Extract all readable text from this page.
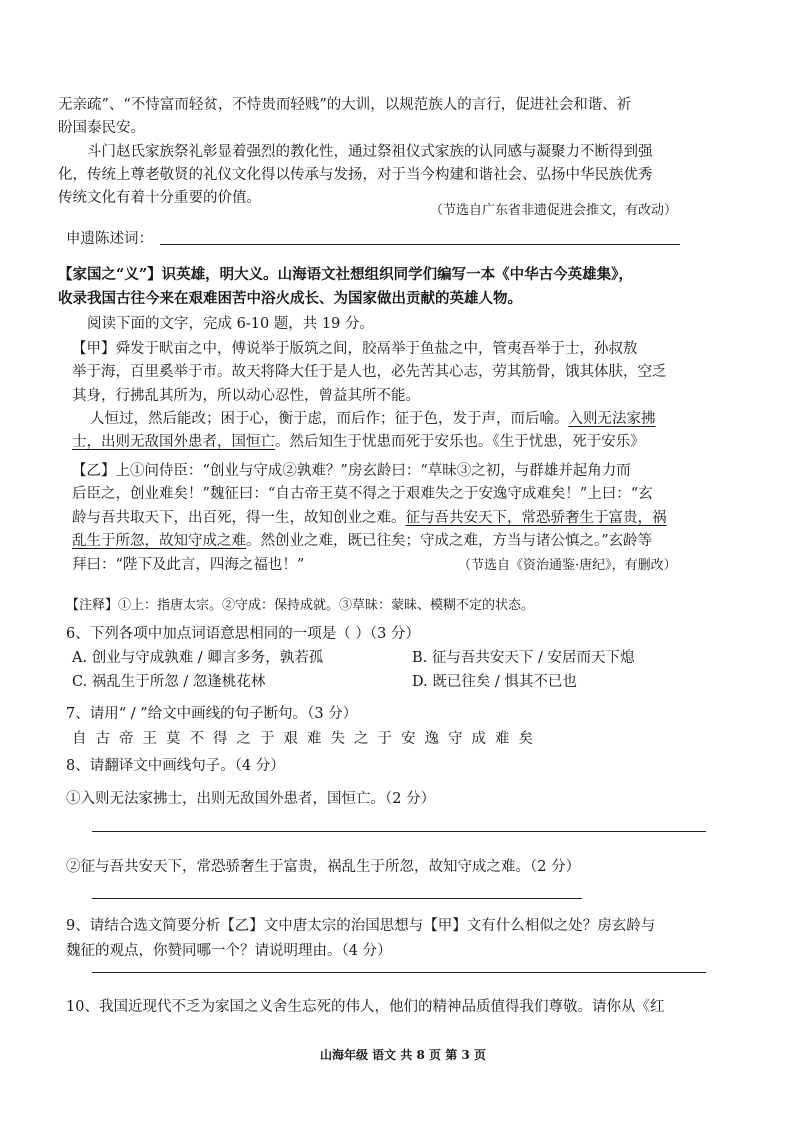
无亲疏”、“不恃富而轻贫，不恃贵而轻贱”的大训，以规范族人的言行，促进社会和谐、祈
盼国泰民安。
斗门赵氏家族祭礼彰显着强烈的教化性，通过祭祖仪式家族的认同感与凝聚力不断得到强
化，传统上尊老敬贤的礼仪文化得以传承与发扬，对于当今构建和谐社会、弘扬中华民族优秀
传统文化有着十分重要的价值。
（节选自广东省非遗促进会推文，有改动）
申遗陈述词：
【家国之“义”】识英雄，明大义。山海语文社想组织同学们编写一本《中华古今英雄集》，
收录我国古往今来在艰难困苦中浴火成长、为国家做出贡献的英雄人物。
阅读下面的文字，完成 6-10 题，共 19 分。
【甲】舜发于畎亩之中，傅说举于版筑之间，胶鬲举于鱼盐之中，管夷吾举于士，孙叔敖
举于海，百里奚举于市。故天将降大任于是人也，必先苦其心志，劳其筋骨，饿其体肤，空乏
其身，行拂乱其所为，所以动心忍性，曾益其所不能。
人恒过，然后能改；困于心，衡于虑，而后作；征于色，发于声，而后喻。入则无法家拂
士，出则无敌国外患者，国恒亡。然后知生于忧患而死于安乐也。《生于忧患，死于安乐》
【乙】上①问侍臣：“创业与守成②孰难？”房玄龄曰：“草昧③之初，与群雄并起角力而
后臣之，创业难矣！”魏征曰：“自古帝王莫不得之于艰难失之于安逸守成难矣！”上曰：“玄
龄与吾共取天下，出百死，得一生，故知创业之难。征与吾共安天下，常恐骄奢生于富贵，祸
乱生于所忽，故知守成之难。然创业之难，既已往矣；守成之难，方当与诸公慎之。”玄龄等
拜曰：“陛下及此言，四海之福也！”	（节选自《资治通鉴·唐纪》，有删改）
【注释】①上：指唐太宗。②守成：保持成就。③草昧：蒙昧、模糊不定的状态。
6、下列各项中加点词语意思相同的一项是（ ）（3 分）
A. 创业与守成孰难 / 卿言多务，孰若孤	B. 征与吾共安天下 / 安居而天下熄
C. 祸乱生于所忽 / 忽逢桃花林	D. 既已往矣 / 惧其不已也
7、请用“ / ”给文中画线的句子断句。（3 分）
自古帝王莫不得之于艰难失之于安逸守成难矣
8、请翻译文中画线句子。（4 分）
①入则无法家拂士，出则无敌国外患者，国恒亡。（2 分）
②征与吾共安天下，常恐骄奢生于富贵，祸乱生于所忽，故知守成之难。（2 分）
9、请结合选文简要分析【乙】文中唐太宗的治国思想与【甲】文有什么相似之处？房玄龄与
魏征的观点，你赞同哪一个？请说明理由。（4 分）
10、我国近现代不乏为家国之义舍生忘死的伟人，他们的精神品质值得我们尊敬。请你从《红
山海年级 语文 共 8 页 第 3 页
